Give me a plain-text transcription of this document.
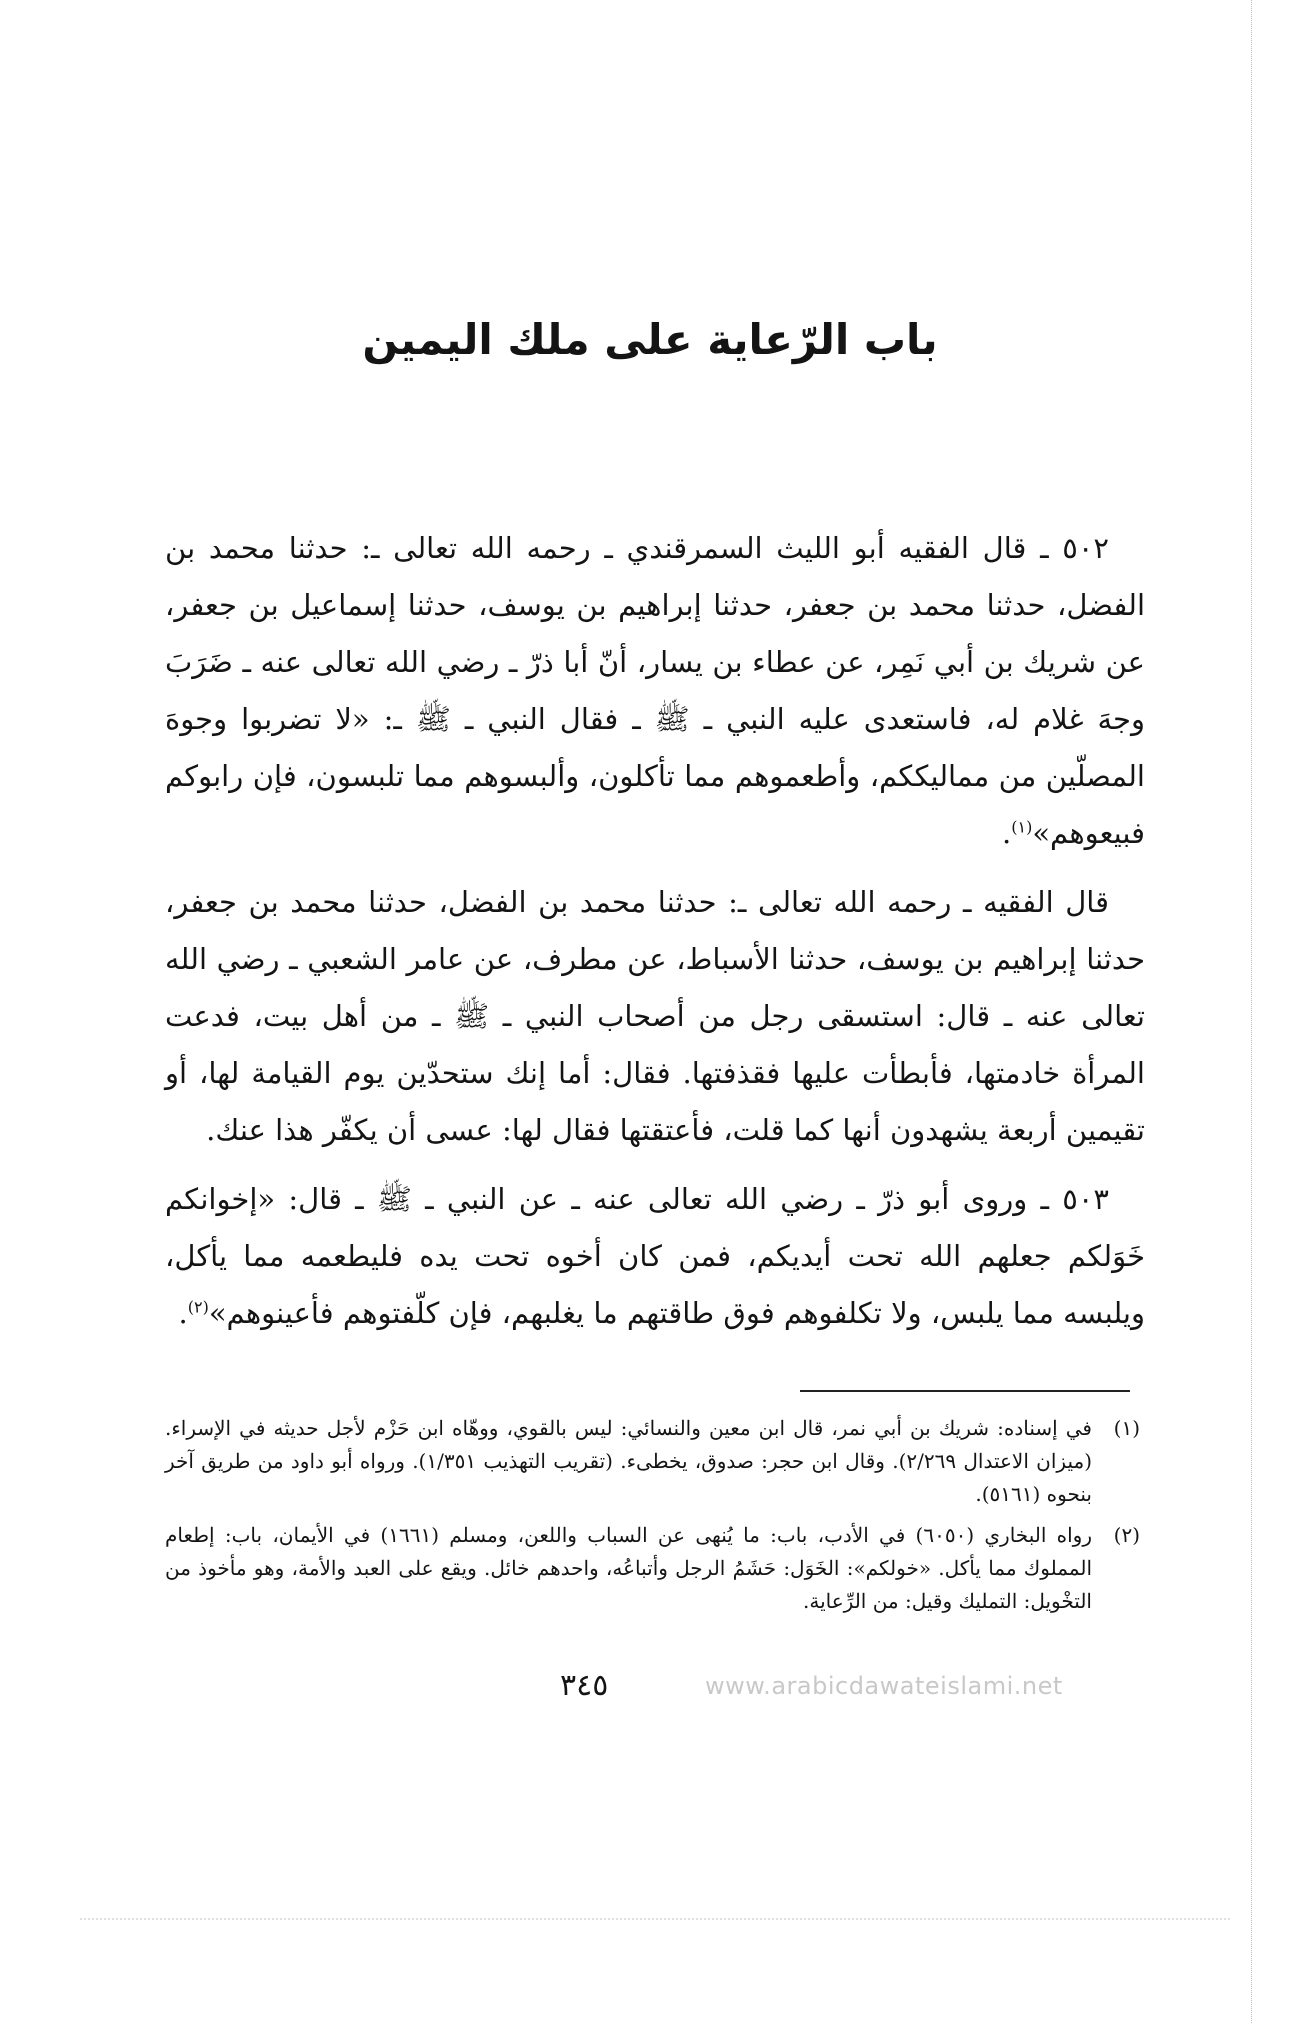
باب الرّعاية على ملك اليمين

٥٠٢ ـ قال الفقيه أبو الليث السمرقندي ـ رحمه الله تعالى ـ: حدثنا محمد بن الفضل، حدثنا محمد بن جعفر، حدثنا إبراهيم بن يوسف، حدثنا إسماعيل بن جعفر، عن شريك بن أبي نَمِر، عن عطاء بن يسار، أنّ أبا ذرّ ـ رضي الله تعالى عنه ـ ضَرَبَ وجهَ غلام له، فاستعدى عليه النبي ـ ﷺ ـ فقال النبي ـ ﷺ ـ: «لا تضربوا وجوهَ المصلّين من مماليككم، وأطعموهم مما تأكلون، وألبسوهم مما تلبسون، فإن رابوكم فبيعوهم»$^{(١)}$.

قال الفقيه ـ رحمه الله تعالى ـ: حدثنا محمد بن الفضل، حدثنا محمد بن جعفر، حدثنا إبراهيم بن يوسف، حدثنا الأسباط، عن مطرف، عن عامر الشعبي ـ رضي الله تعالى عنه ـ قال: استسقى رجل من أصحاب النبي ـ ﷺ ـ من أهل بيت، فدعت المرأة خادمتها، فأبطأت عليها فقذفتها. فقال: أما إنك ستحدّين يوم القيامة لها، أو تقيمين أربعة يشهدون أنها كما قلت، فأعتقتها فقال لها: عسى أن يكفّر هذا عنك.

٥٠٣ ـ وروى أبو ذرّ ـ رضي الله تعالى عنه ـ عن النبي ـ ﷺ ـ قال: «إخوانكم خَوَلكم جعلهم الله تحت أيديكم، فمن كان أخوه تحت يده فليطعمه مما يأكل، ويلبسه مما يلبس، ولا تكلفوهم فوق طاقتهم ما يغلبهم، فإن كلّفتوهم فأعينوهم»$^{(٢)}$.

(١)
في إسناده: شريك بن أبي نمر، قال ابن معين والنسائي: ليس بالقوي، ووهّاه ابن حَزْم لأجل حديثه في الإسراء. (ميزان الاعتدال ٢/٢٦٩). وقال ابن حجر: صدوق، يخطىء. (تقريب التهذيب ١/٣٥١). ورواه أبو داود من طريق آخر بنحوه (٥١٦١).
(٢)
رواه البخاري (٦٠٥٠) في الأدب، باب: ما يُنهى عن السباب واللعن، ومسلم (١٦٦١) في الأيمان، باب: إطعام المملوك مما يأكل. «خولكم»: الخَوَل: حَشَمُ الرجل وأتباعُه، واحدهم خائل. ويقع على العبد والأمة، وهو مأخوذ من التخْويل: التمليك وقيل: من الرِّعاية.
٣٤٥	www.arabicdawateislami.net
